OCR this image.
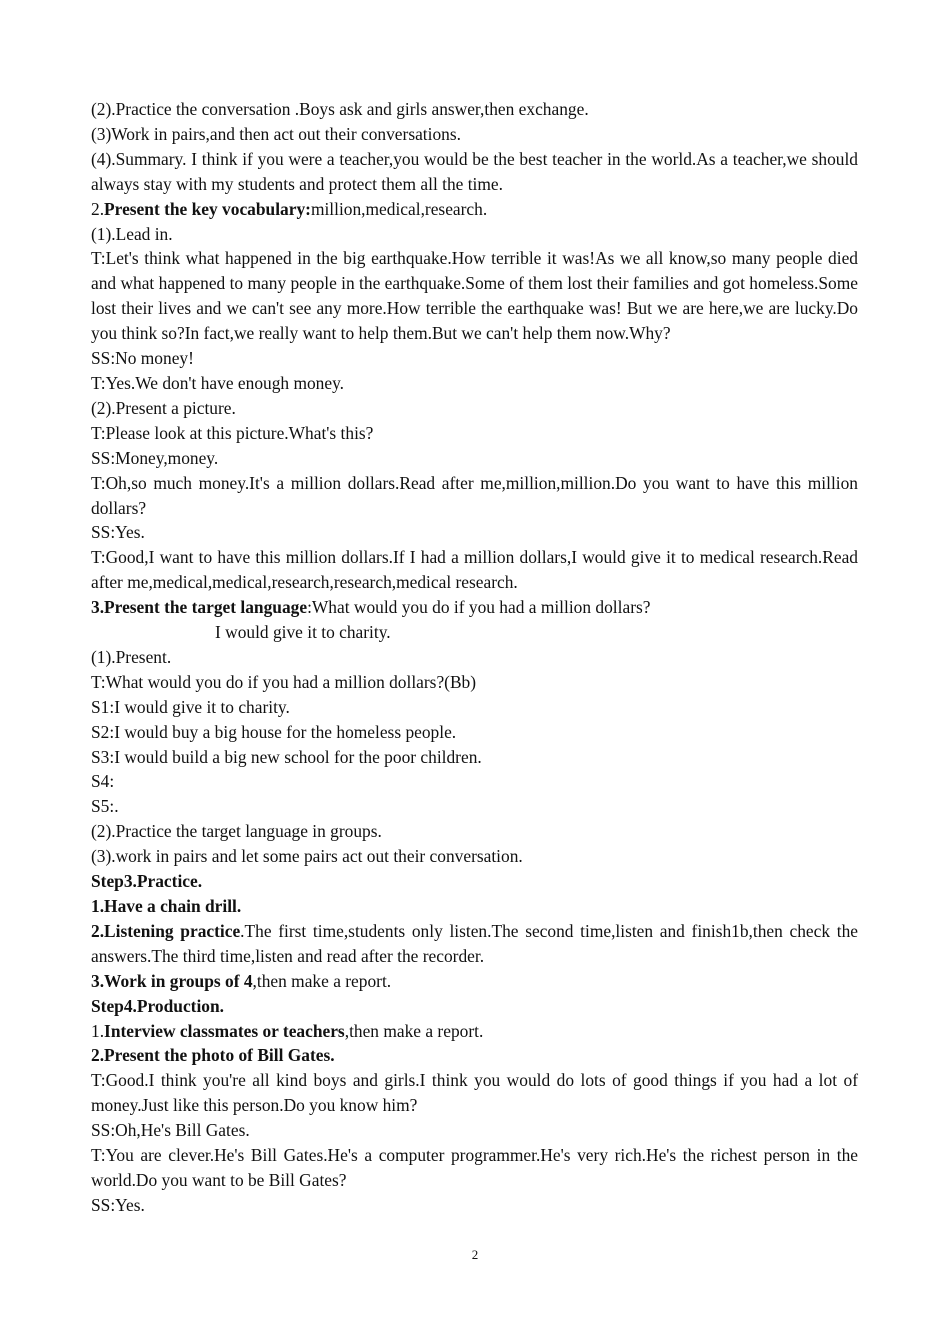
(2).Practice the conversation .Boys ask and girls answer,then exchange.

(3)Work in pairs,and then act out their conversations.

(4).Summary. I think if you were a teacher,you would be the best teacher in the world.As a teacher,we should always stay with my students and protect them all the time.

2.Present the key vocabulary:million,medical,research.

(1).Lead in.

T:Let's think what happened in the big earthquake.How terrible it was!As we all know,so many people died and what happened to many people in the earthquake.Some of them lost their families and got homeless.Some lost their lives and we can't see any more.How terrible the earthquake was! But we are here,we are lucky.Do you think so?In fact,we really want to help them.But we can't help them now.Why?

SS:No money!

T:Yes.We don't have enough money.

(2).Present a picture.

T:Please look at this picture.What's this?

SS:Money,money.

T:Oh,so much money.It's a million dollars.Read after me,million,million.Do you want to have this million dollars?

SS:Yes.

T:Good,I want to have this million dollars.If I had a million dollars,I would give it to medical research.Read after me,medical,medical,research,research,medical research.

3.Present the target language:What would you do if you had a million dollars?

I would give it to charity.

(1).Present.

T:What would you do if you had a million dollars?(Bb)

S1:I would give it to charity.

S2:I would buy a big house for the homeless people.

S3:I would build a big new school for the poor children.

S4:

S5:.

(2).Practice the target language in groups.

(3).work in pairs and let some pairs act out their conversation.

Step3.Practice.

1.Have a chain drill.

2.Listening practice.The first time,students only listen.The second time,listen and finish1b,then check the answers.The third time,listen and read after the recorder.

3.Work in groups of 4,then make a report.

Step4.Production.

1.Interview classmates or teachers,then make a report.

2.Present the photo of Bill Gates.

T:Good.I think you're all kind boys and girls.I think you would do lots of good things if you had a lot of money.Just like this person.Do you know him?

SS:Oh,He's Bill Gates.

T:You are clever.He's Bill Gates.He's a computer programmer.He's very rich.He's the richest person in the world.Do you want to be Bill Gates?

SS:Yes.

2
